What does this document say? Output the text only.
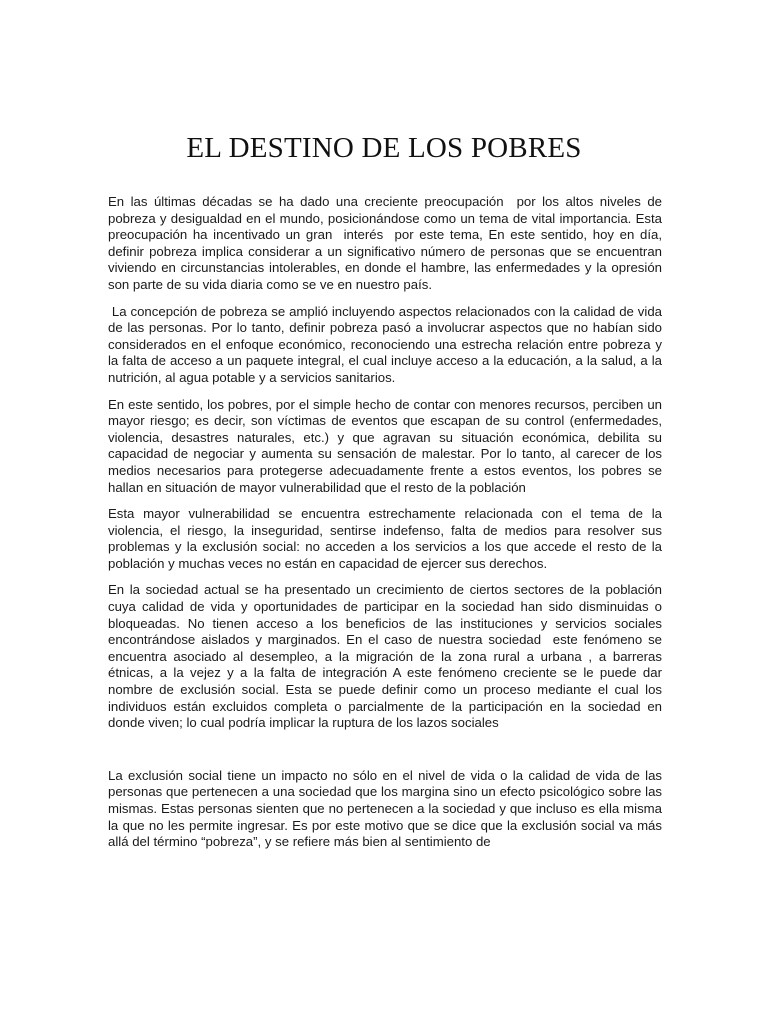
EL DESTINO DE LOS POBRES

En las últimas décadas se ha dado una creciente preocupación  por los altos niveles de pobreza y desigualdad en el mundo, posicionándose como un tema de vital importancia. Esta preocupación ha incentivado un gran  interés  por este tema, En este sentido, hoy en día, definir pobreza implica considerar a un significativo número de personas que se encuentran viviendo en circunstancias intolerables, en donde el hambre, las enfermedades y la opresión son parte de su vida diaria como se ve en nuestro país.

La concepción de pobreza se amplió incluyendo aspectos relacionados con la calidad de vida de las personas. Por lo tanto, definir pobreza pasó a involucrar aspectos que no habían sido considerados en el enfoque económico, reconociendo una estrecha relación entre pobreza y la falta de acceso a un paquete integral, el cual incluye acceso a la educación, a la salud, a la nutrición, al agua potable y a servicios sanitarios.

En este sentido, los pobres, por el simple hecho de contar con menores recursos, perciben un mayor riesgo; es decir, son víctimas de eventos que escapan de su control (enfermedades, violencia, desastres naturales, etc.) y que agravan su situación económica, debilita su capacidad de negociar y aumenta su sensación de malestar. Por lo tanto, al carecer de los medios necesarios para protegerse adecuadamente frente a estos eventos, los pobres se hallan en situación de mayor vulnerabilidad que el resto de la población

Esta mayor vulnerabilidad se encuentra estrechamente relacionada con el tema de la violencia, el riesgo, la inseguridad, sentirse indefenso, falta de medios para resolver sus problemas y la exclusión social: no acceden a los servicios a los que accede el resto de la población y muchas veces no están en capacidad de ejercer sus derechos.

En la sociedad actual se ha presentado un crecimiento de ciertos sectores de la población cuya calidad de vida y oportunidades de participar en la sociedad han sido disminuidas o bloqueadas. No tienen acceso a los beneficios de las instituciones y servicios sociales encontrándose aislados y marginados. En el caso de nuestra sociedad  este fenómeno se encuentra asociado al desempleo, a la migración de la zona rural a urbana , a barreras étnicas, a la vejez y a la falta de integración A este fenómeno creciente se le puede dar nombre de exclusión social. Esta se puede definir como un proceso mediante el cual los individuos están excluidos completa o parcialmente de la participación en la sociedad en donde viven; lo cual podría implicar la ruptura de los lazos sociales

La exclusión social tiene un impacto no sólo en el nivel de vida o la calidad de vida de las personas que pertenecen a una sociedad que los margina sino un efecto psicológico sobre las mismas. Estas personas sienten que no pertenecen a la sociedad y que incluso es ella misma la que no les permite ingresar. Es por este motivo que se dice que la exclusión social va más allá del término “pobreza”, y se refiere más bien al sentimiento de
